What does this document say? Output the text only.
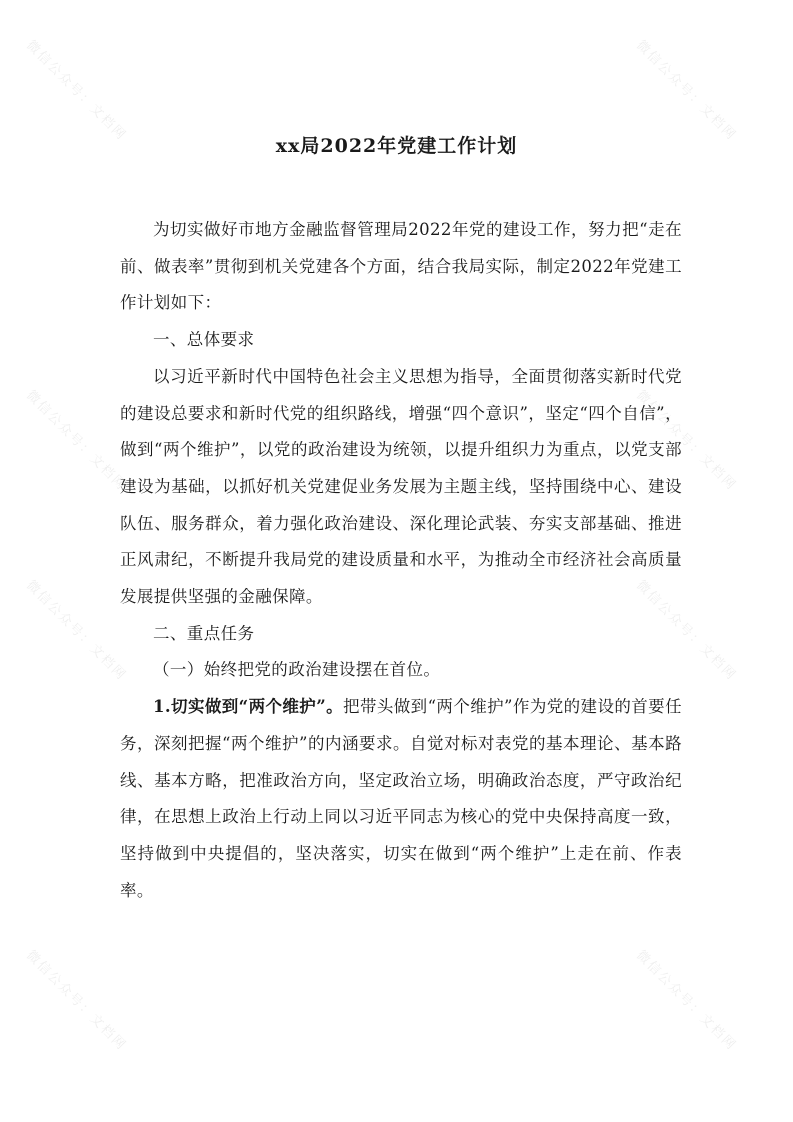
微信公众号：文档网	微信公众号：文档网
微信公众号：文档网	微信公众号：文档网
微信公众号：文档网	微信公众号：文档网
微信公众号：文档网	微信公众号：文档网
xx局2022年党建工作计划

为切实做好市地方金融监督管理局2022年党的建设工作，努力把“走在前、做表率”贯彻到机关党建各个方面，结合我局实际，制定2022年党建工作计划如下：

一、总体要求

以习近平新时代中国特色社会主义思想为指导，全面贯彻落实新时代党的建设总要求和新时代党的组织路线，增强“四个意识”，坚定“四个自信”，做到“两个维护”，以党的政治建设为统领，以提升组织力为重点，以党支部建设为基础，以抓好机关党建促业务发展为主题主线，坚持围绕中心、建设队伍、服务群众，着力强化政治建设、深化理论武装、夯实支部基础、推进正风肃纪，不断提升我局党的建设质量和水平，为推动全市经济社会高质量发展提供坚强的金融保障。

二、重点任务

（一）始终把党的政治建设摆在首位。

1.切实做到“两个维护”。把带头做到“两个维护”作为党的建设的首要任务，深刻把握“两个维护”的内涵要求。自觉对标对表党的基本理论、基本路线、基本方略，把准政治方向，坚定政治立场，明确政治态度，严守政治纪律，在思想上政治上行动上同以习近平同志为核心的党中央保持高度一致，坚持做到中央提倡的，坚决落实，切实在做到“两个维护”上走在前、作表率。
